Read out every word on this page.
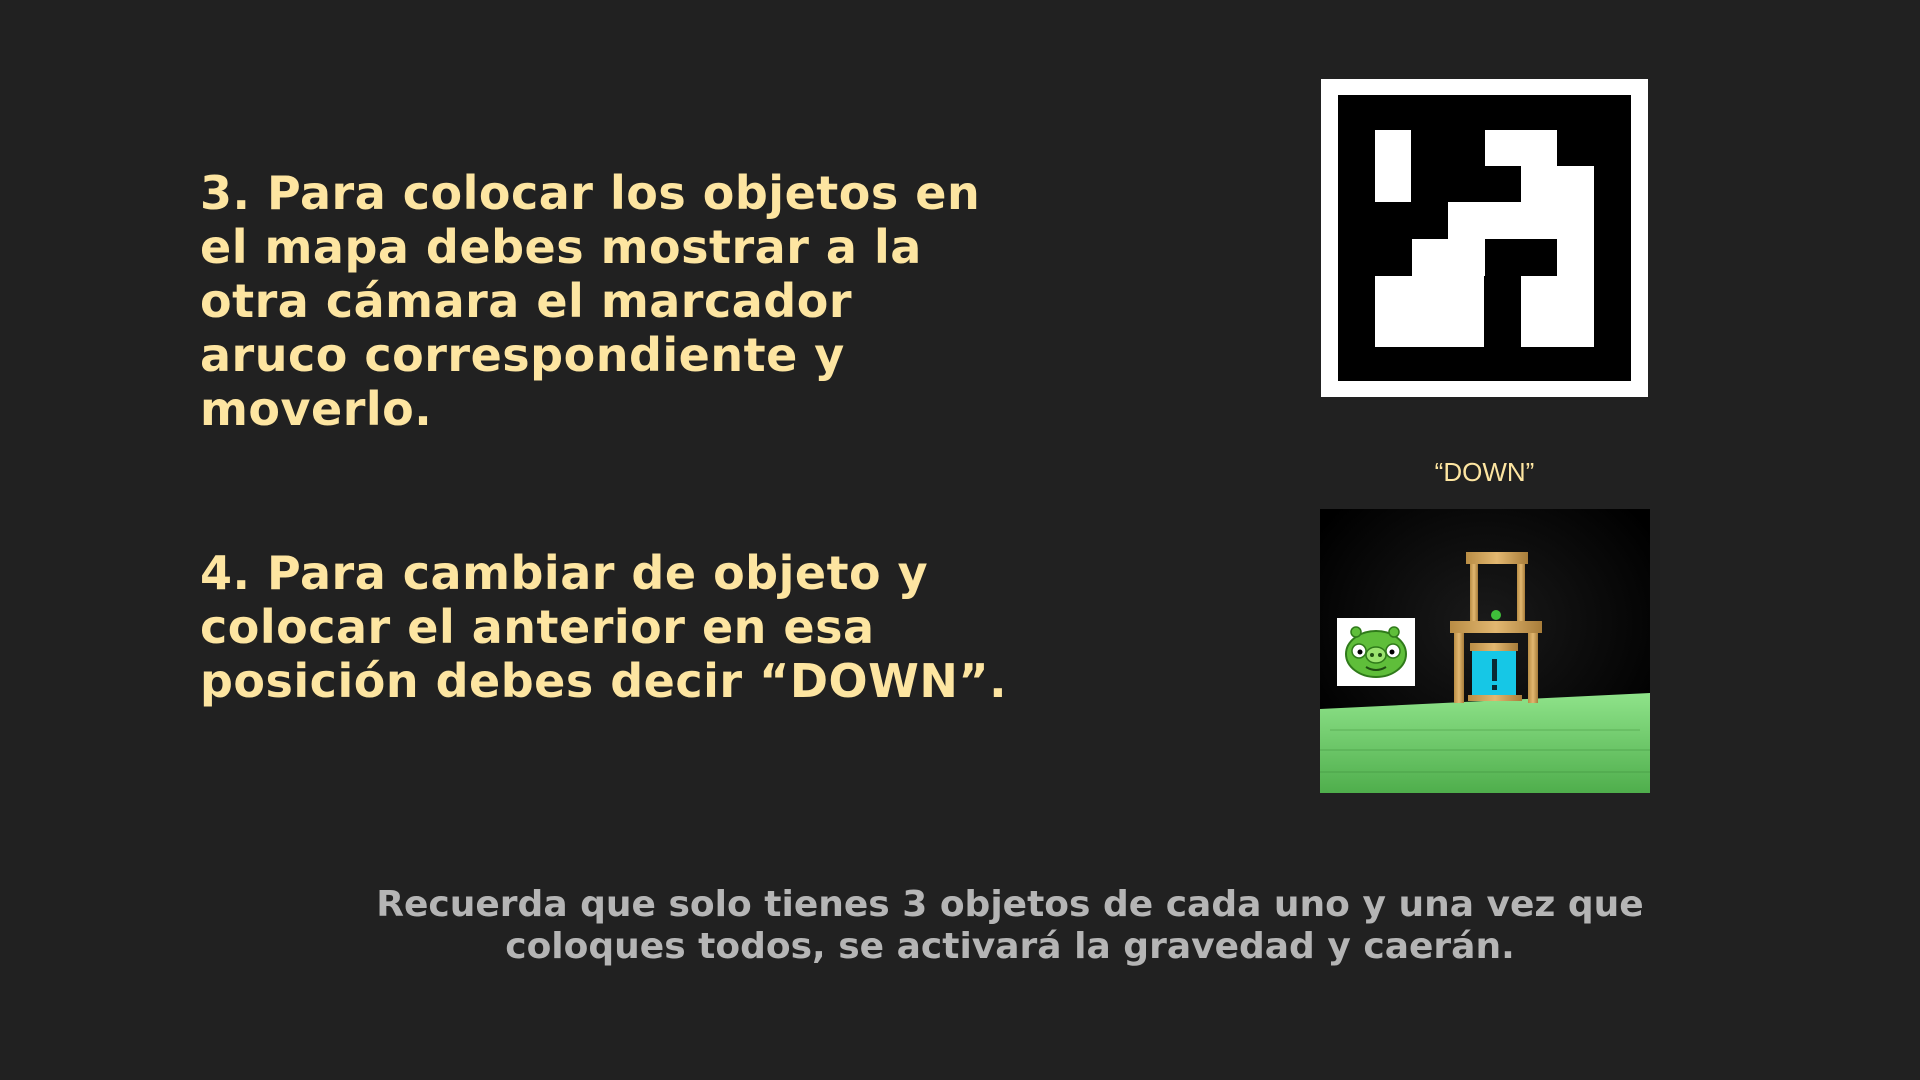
3. Para colocar los objetos en
el mapa debes mostrar a la
otra cámara el marcador
aruco correspondiente y
moverlo.

4. Para cambiar de objeto y
colocar el anterior en esa
posición debes decir “DOWN”.

“DOWN”

Recuerda que solo tienes 3 objetos de cada uno y una vez que
coloques todos, se activará la gravedad y caerán.
